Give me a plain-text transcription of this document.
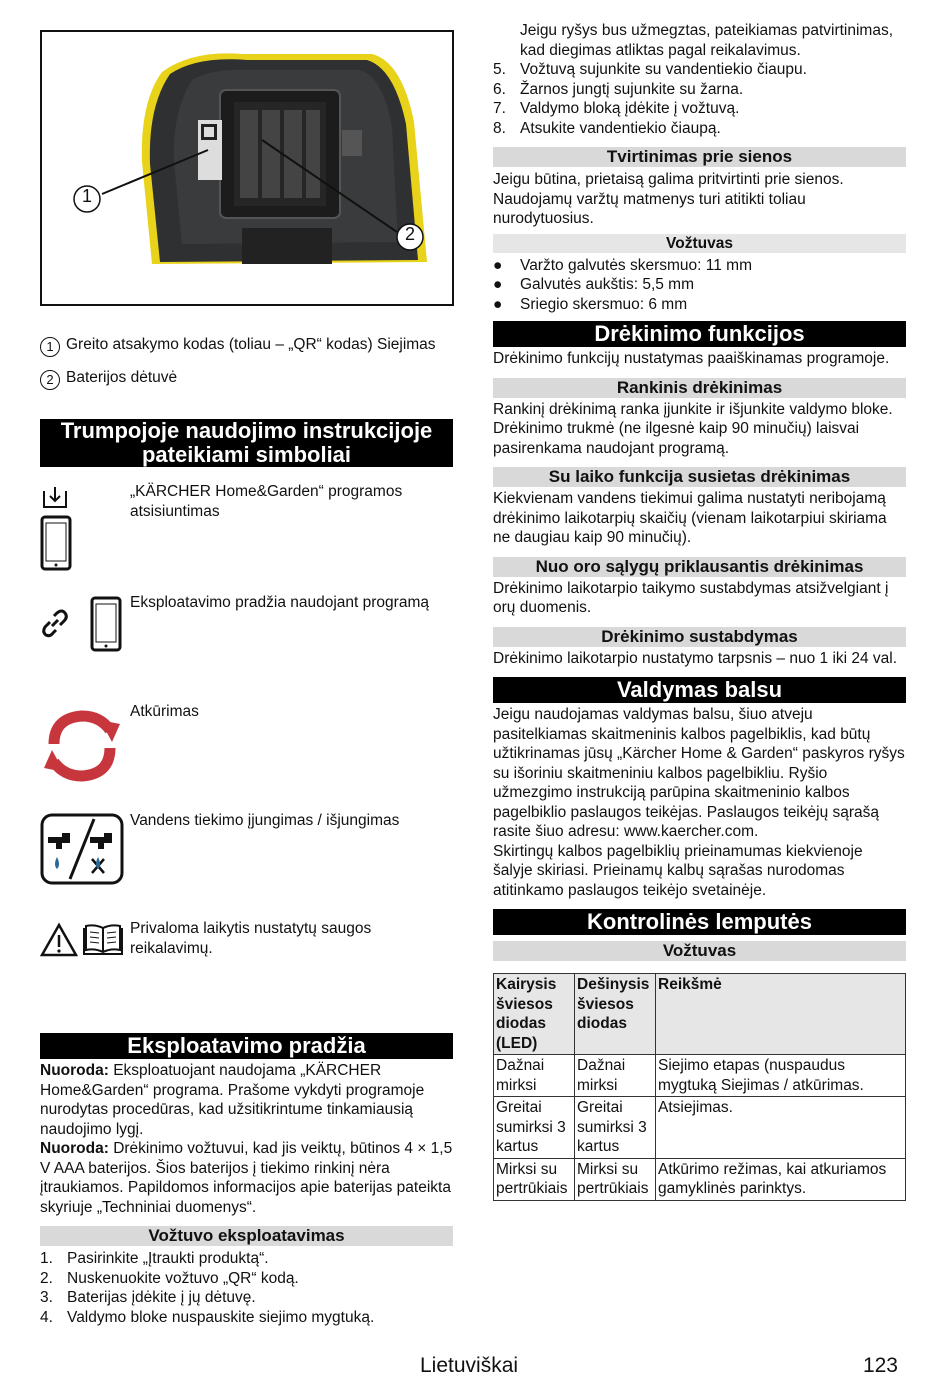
1
2
1 Greito atsakymo kodas (toliau – „QR“ kodas) Siejimas

2 Baterijos dėtuvė

Trumpojoje naudojimo instrukcijoje pateikiami simboliai
„KÄRCHER Home&Garden“ programos atsisiuntimas
Eksploatavimo pradžia naudojant programą
Atkūrimas
Vandens tiekimo įjungimas / išjungimas
Privaloma laikytis nustatytų saugos reikalavimų.
Eksploatavimo pradžia

Nuoroda: Eksploatuojant naudojama „KÄRCHER Home&Garden“ programa. Prašome vykdyti programoje nurodytas procedūras, kad užsitikrintume tinkamiausią naudojimo lygį.

Nuoroda: Drėkinimo vožtuvui, kad jis veiktų, būtinos 4 × 1,5 V AAA baterijos. Šios baterijos į tiekimo rinkinį nėra įtraukiamos. Papildomos informacijos apie baterijas pateikta skyriuje „Techniniai duomenys“.

Vožtuvo eksploatavimas

1. Pasirinkite „Įtraukti produktą“.

2. Nuskenuokite vožtuvo „QR“ kodą.

3. Baterijas įdėkite į jų dėtuvę.

4. Valdymo bloke nuspauskite siejimo mygtuką.

Jeigu ryšys bus užmegztas, pateikiamas patvirtinimas, kad diegimas atliktas pagal reikalavimus.

5. Vožtuvą sujunkite su vandentiekio čiaupu.

6. Žarnos jungtį sujunkite su žarna.

7. Valdymo bloką įdėkite į vožtuvą.

8. Atsukite vandentiekio čiaupą.

Tvirtinimas prie sienos

Jeigu būtina, prietaisą galima pritvirtinti prie sienos. Naudojamų varžtų matmenys turi atitikti toliau nurodytuosius.

Vožtuvas

● Varžto galvutės skersmuo: 11 mm

● Galvutės aukštis: 5,5 mm

● Sriegio skersmuo: 6 mm

Drėkinimo funkcijos

Drėkinimo funkcijų nustatymas paaiškinamas programoje.

Rankinis drėkinimas

Rankinį drėkinimą ranka įjunkite ir išjunkite valdymo bloke.

Drėkinimo trukmė (ne ilgesnė kaip 90 minučių) laisvai pasirenkama naudojant programą.

Su laiko funkcija susietas drėkinimas

Kiekvienam vandens tiekimui galima nustatyti neribojamą drėkinimo laikotarpių skaičių (vienam laikotarpiui skiriama ne daugiau kaip 90 minučių).

Nuo oro sąlygų priklausantis drėkinimas

Drėkinimo laikotarpio taikymo sustabdymas atsižvelgiant į orų duomenis.

Drėkinimo sustabdymas

Drėkinimo laikotarpio nustatymo tarpsnis – nuo 1 iki 24 val.

Valdymas balsu

Jeigu naudojamas valdymas balsu, šiuo atveju pasitelkiamas skaitmeninis kalbos pagelbiklis, kad būtų užtikrinamas jūsų „Kärcher Home & Garden“ paskyros ryšys su išoriniu skaitmeniniu kalbos pagelbikliu. Ryšio užmezgimo instrukciją parūpina skaitmeninio kalbos pagelbiklio paslaugos teikėjas. Paslaugos teikėjų sąrašą rasite šiuo adresu: www.kaercher.com.

Skirtingų kalbos pagelbiklių prieinamumas kiekvienoje šalyje skiriasi. Prieinamų kalbų sąrašas nurodomas atitinkamo paslaugos teikėjo svetainėje.

Kontrolinės lemputės
Vožtuvas
Kairysis šviesos diodas (LED)	Dešinysis šviesos diodas	Reikšmė
Dažnai mirksi	Dažnai mirksi	Siejimo etapas (nuspaudus mygtuką Siejimas / atkūrimas.
Greitai sumirksi 3 kartus	Greitai sumirksi 3 kartus	Atsiejimas.
Mirksi su pertrūkiais	Mirksi su pertrūkiais	Atkūrimo režimas, kai atkuriamos gamyklinės parinktys.
Lietuviškai	123
